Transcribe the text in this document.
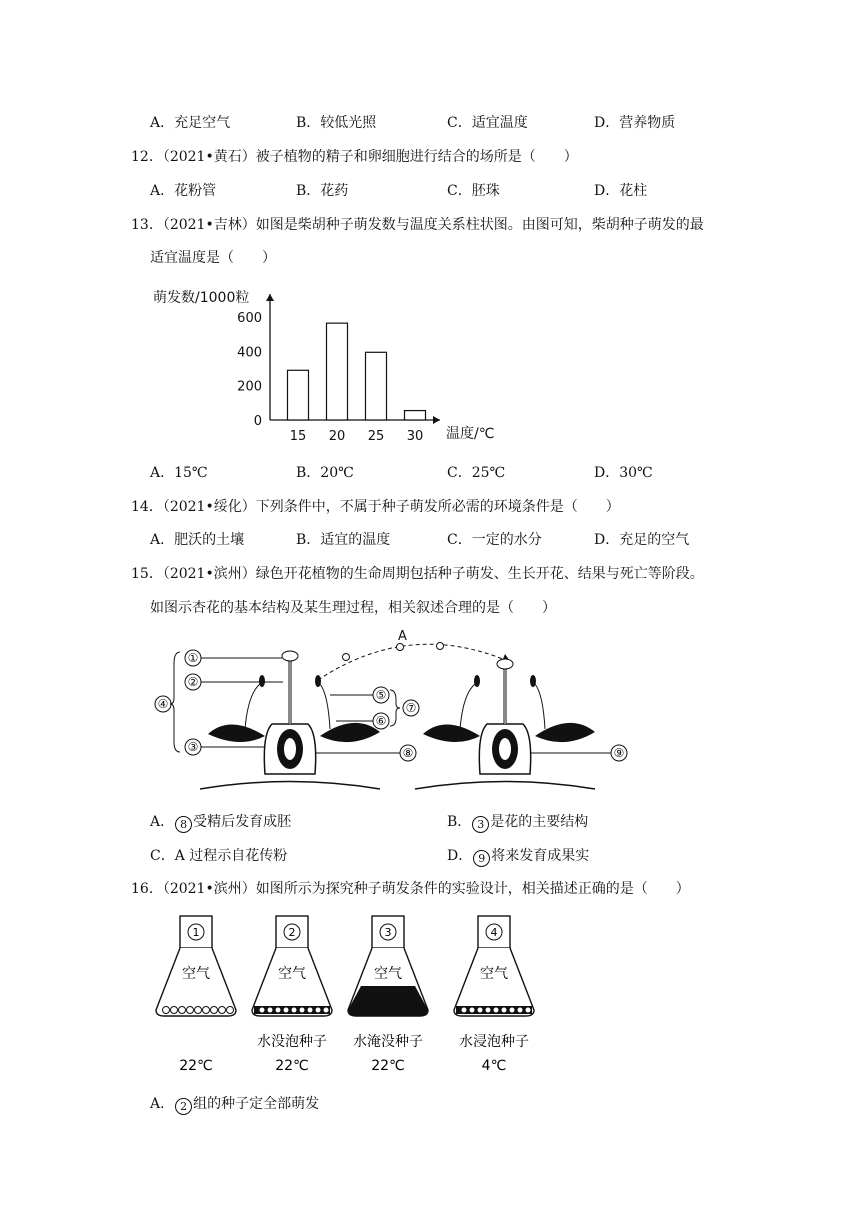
A．充足空气	B．较低光照	C．适宜温度	D．营养物质
12．（2021•黄石）被子植物的精子和卵细胞进行结合的场所是（　　）
A．花粉管	B．花药	C．胚珠	D．花柱
13．（2021•吉林）如图是柴胡种子萌发数与温度关系柱状图。由图可知，柴胡种子萌发的最
适宜温度是（　　）
萌发数/1000粒
温度/℃
0
200
400
600
15 20 25 30
A．15℃	B．20℃	C．25℃	D．30℃
14．（2021•绥化）下列条件中，不属于种子萌发所必需的环境条件是（　　）
A．肥沃的土壤	B．适宜的温度	C．一定的水分	D．充足的空气
15．（2021•滨州）绿色开花植物的生命周期包括种子萌发、生长开花、结果与死亡等阶段。
如图示杏花的基本结构及某生理过程，相关叙述合理的是（　　）
①
②
④
③
⑤
⑥
⑦
⑧	⑨
A
A． 8 受精后发育成胚	B． 3 是花的主要结构
C．A 过程示自花传粉	D． 9 将来发育成果实
16．（2021•滨州）如图所示为探究种子萌发条件的实验设计，相关描述正确的是（　　）
1
空气
22℃
2
空气
水没泡种子
22℃
3
空气
水淹没种子
22℃
4
空气
水浸泡种子
4℃
A． 2 组的种子定全部萌发
